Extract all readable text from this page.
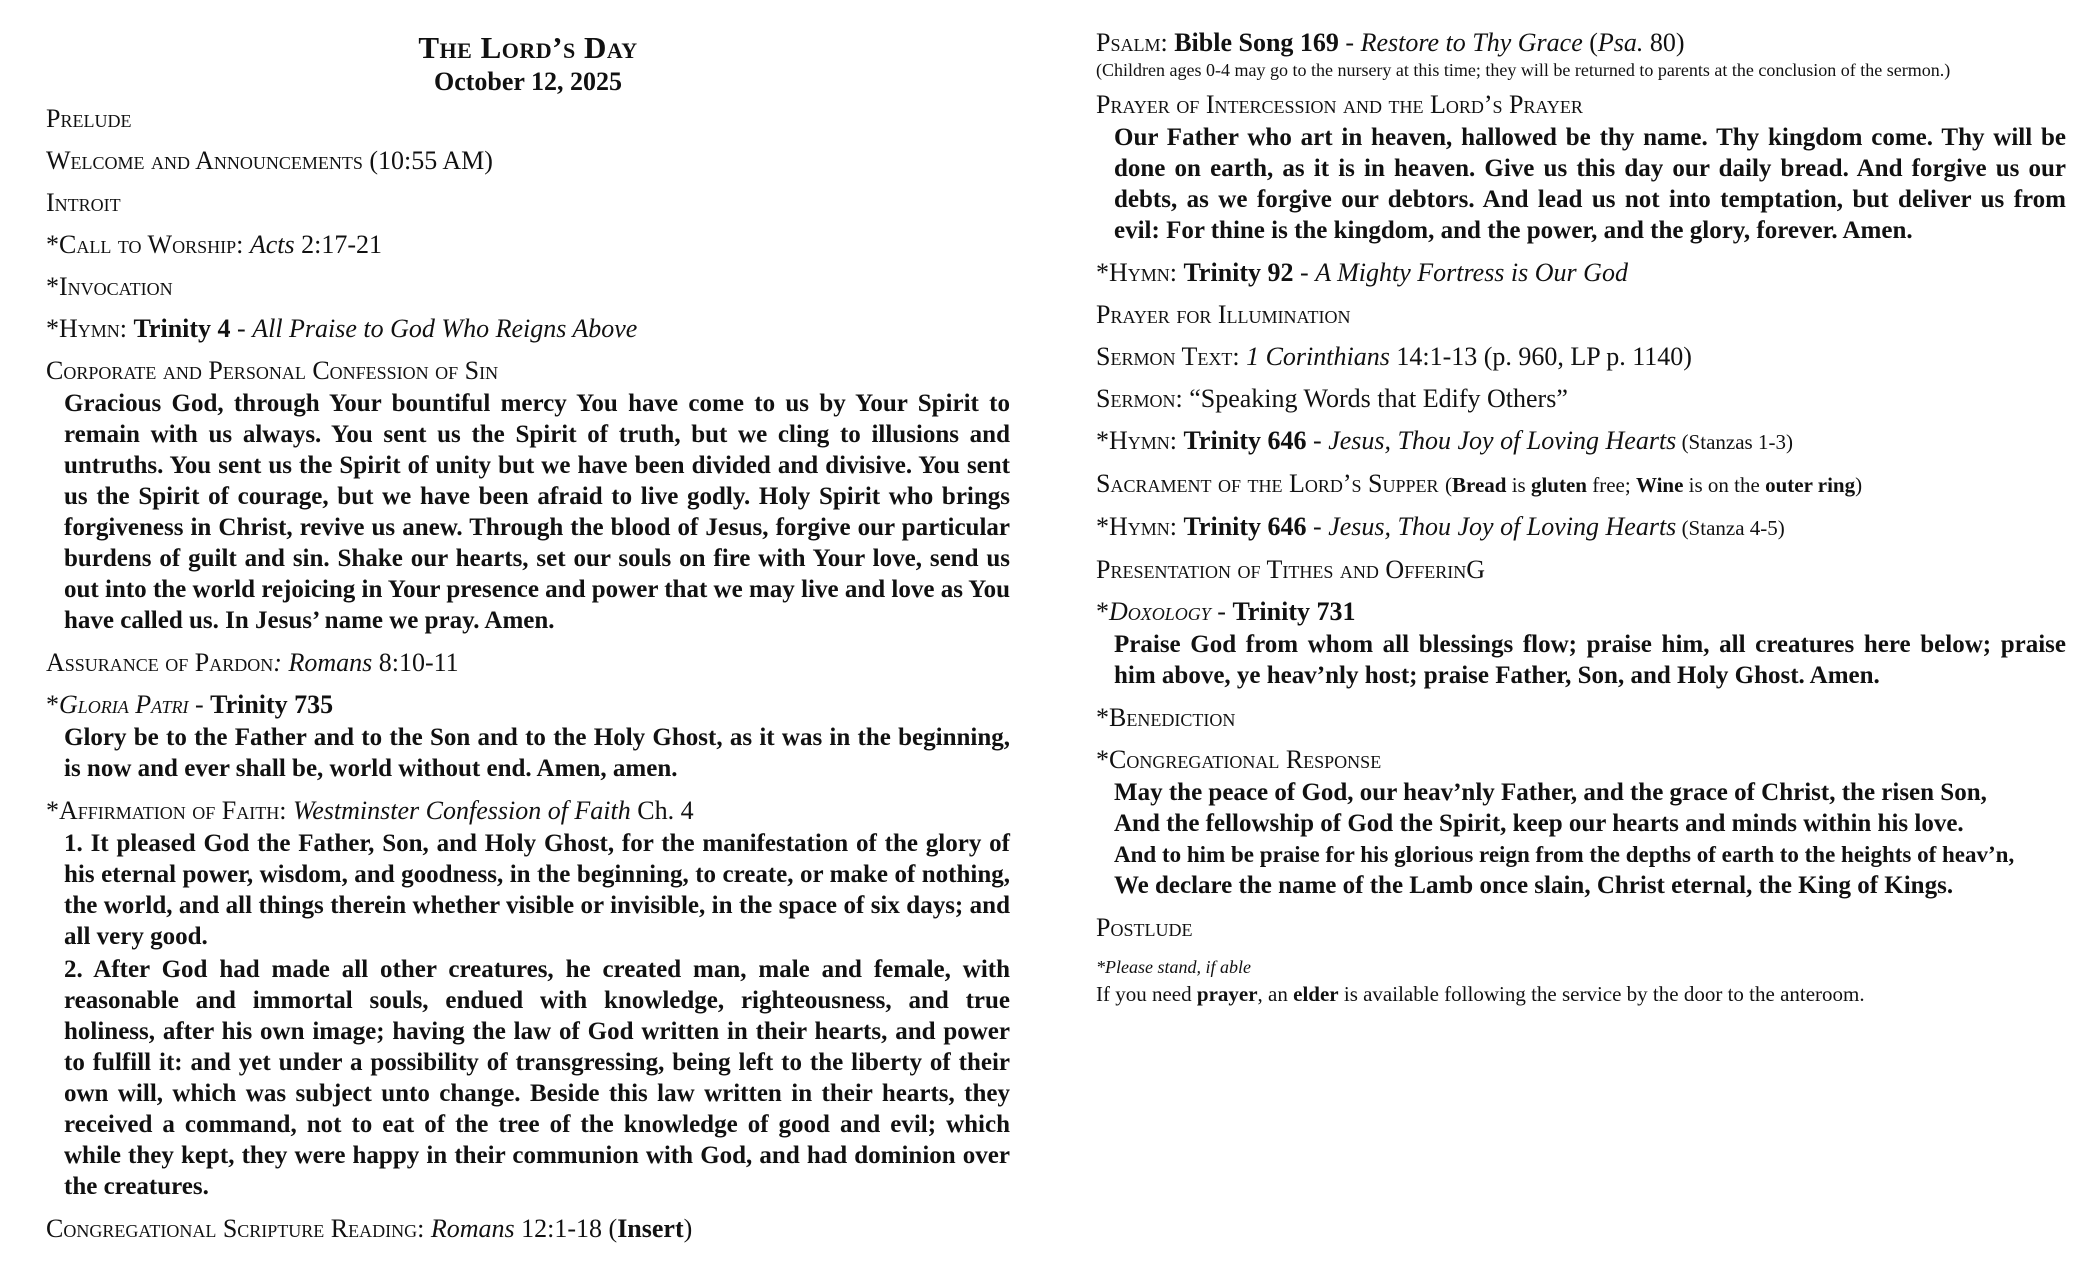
The Lord’s Day
October 12, 2025
Prelude
Welcome and Announcements (10:55 AM)
Introit
*Call to Worship: Acts 2:17-21
*Invocation
*Hymn: Trinity 4 - All Praise to God Who Reigns Above
Corporate and Personal Confession of Sin
Gracious God, through Your bountiful mercy You have come to us by Your Spirit to remain with us always. You sent us the Spirit of truth, but we cling to illusions and untruths. You sent us the Spirit of unity but we have been divided and divisive. You sent us the Spirit of courage, but we have been afraid to live godly. Holy Spirit who brings forgiveness in Christ, revive us anew. Through the blood of Jesus, forgive our particular burdens of guilt and sin. Shake our hearts, set our souls on fire with Your love, send us out into the world rejoicing in Your presence and power that we may live and love as You have called us. In Jesus’ name we pray. Amen.
Assurance of Pardon: Romans 8:10-11
*Gloria Patri - Trinity 735
Glory be to the Father and to the Son and to the Holy Ghost, as it was in the beginning, is now and ever shall be, world without end. Amen, amen.
*Affirmation of Faith: Westminster Confession of Faith Ch. 4
1. It pleased God the Father, Son, and Holy Ghost, for the manifestation of the glory of his eternal power, wisdom, and goodness, in the beginning, to create, or make of nothing, the world, and all things therein whether visible or invisible, in the space of six days; and all very good.
2. After God had made all other creatures, he created man, male and female, with reasonable and immortal souls, endued with knowledge, righteousness, and true holiness, after his own image; having the law of God written in their hearts, and power to fulfill it: and yet under a possibility of transgressing, being left to the liberty of their own will, which was subject unto change. Beside this law written in their hearts, they received a command, not to eat of the tree of the knowledge of good and evil; which while they kept, they were happy in their communion with God, and had dominion over the creatures.
Congregational Scripture Reading: Romans 12:1-18 (Insert)
Psalm: Bible Song 169 - Restore to Thy Grace (Psa. 80)
(Children ages 0-4 may go to the nursery at this time; they will be returned to parents at the conclusion of the sermon.)
Prayer of Intercession and the Lord’s Prayer
Our Father who art in heaven, hallowed be thy name. Thy kingdom come. Thy will be done on earth, as it is in heaven. Give us this day our daily bread. And forgive us our debts, as we forgive our debtors. And lead us not into temptation, but deliver us from evil: For thine is the kingdom, and the power, and the glory, forever. Amen.
*Hymn: Trinity 92 - A Mighty Fortress is Our God
Prayer for Illumination
Sermon Text: 1 Corinthians 14:1-13 (p. 960, LP p. 1140)
Sermon: “Speaking Words that Edify Others”
*Hymn: Trinity 646 - Jesus, Thou Joy of Loving Hearts (Stanzas 1-3)
Sacrament of the Lord’s Supper (Bread is gluten free; Wine is on the outer ring)
*Hymn: Trinity 646 - Jesus, Thou Joy of Loving Hearts (Stanza 4-5)
Presentation of Tithes and OfferinG
*Doxology - Trinity 731
Praise God from whom all blessings flow; praise him, all creatures here below; praise him above, ye heav’nly host; praise Father, Son, and Holy Ghost. Amen.
*Benediction
*Congregational Response
May the peace of God, our heav’nly Father, and the grace of Christ, the risen Son,
And the fellowship of God the Spirit, keep our hearts and minds within his love.
And to him be praise for his glorious reign from the depths of earth to the heights of heav’n,
We declare the name of the Lamb once slain, Christ eternal, the King of Kings.
Postlude
*Please stand, if able
If you need prayer, an elder is available following the service by the door to the anteroom.
